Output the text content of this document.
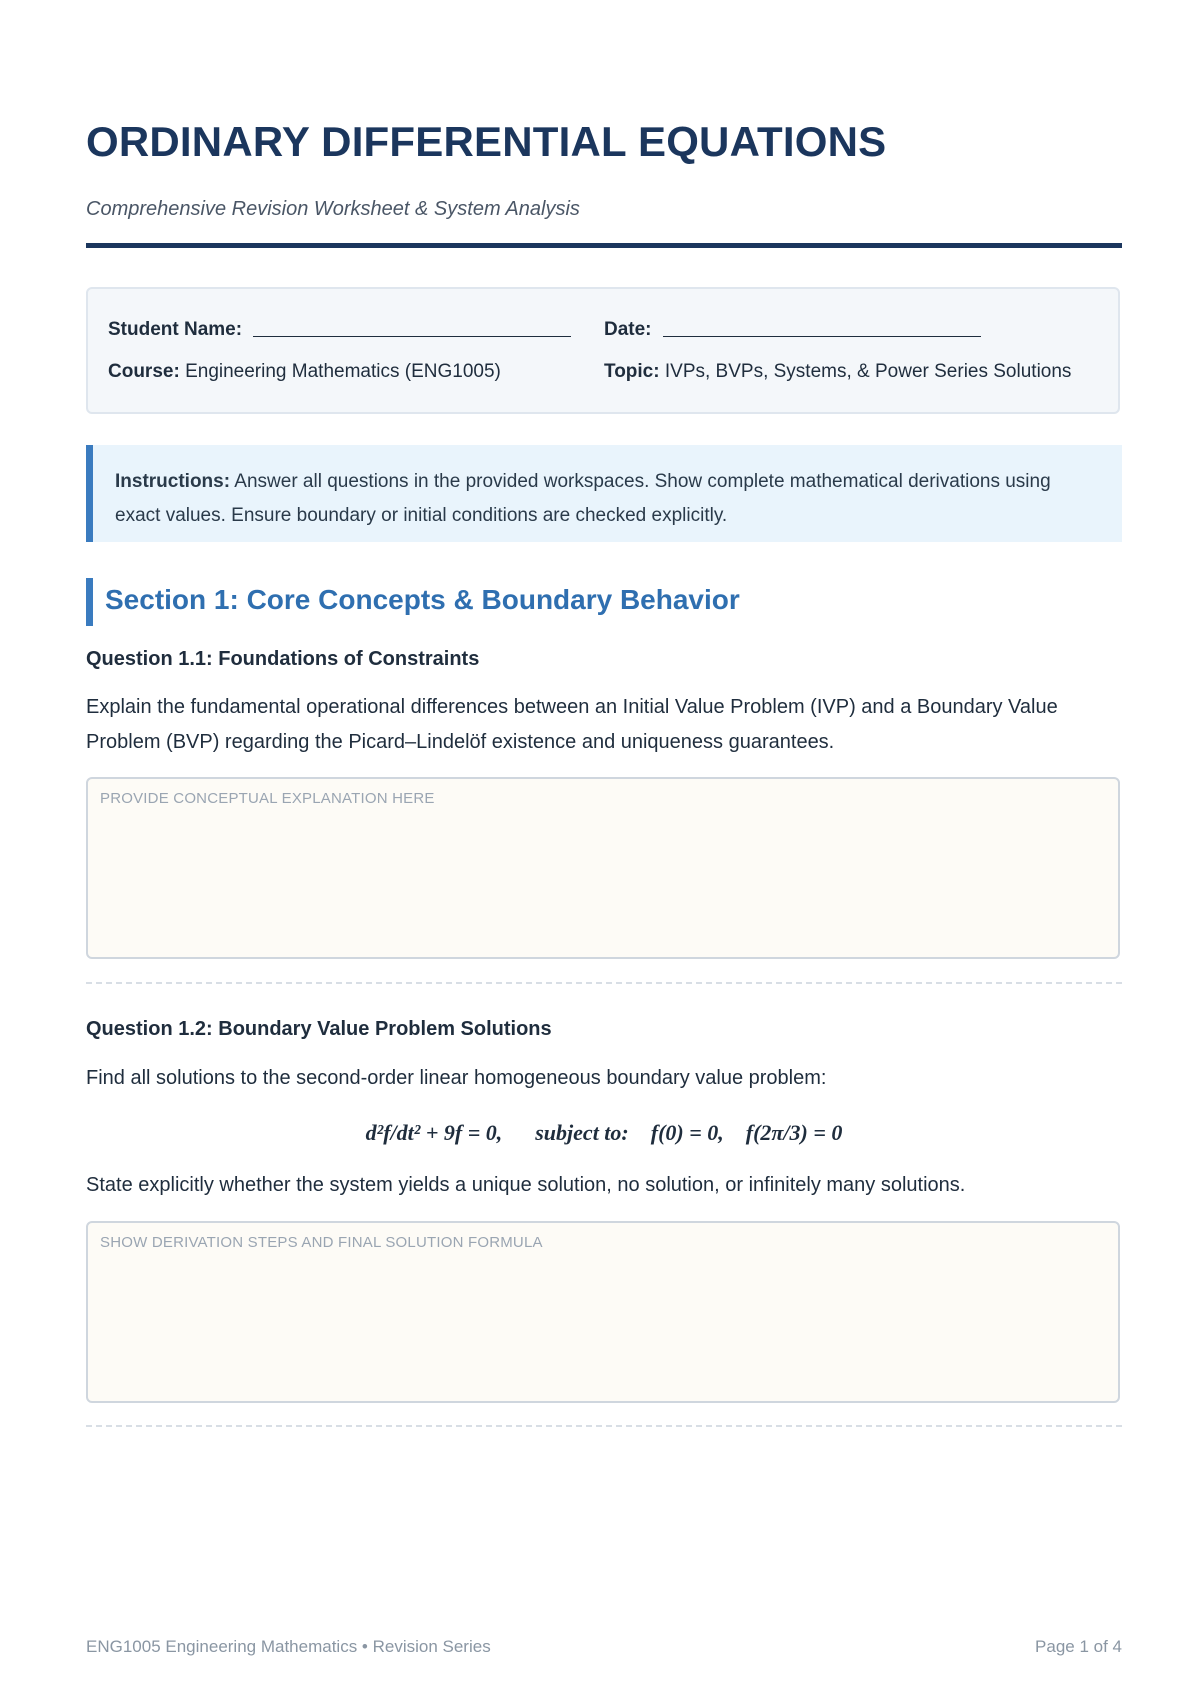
ORDINARY DIFFERENTIAL EQUATIONS
Comprehensive Revision Worksheet & System Analysis
Student Name:	Date:
Course: Engineering Mathematics (ENG1005)	Topic: IVPs, BVPs, Systems, & Power Series Solutions
Instructions: Answer all questions in the provided workspaces. Show complete mathematical derivations using exact values. Ensure boundary or initial conditions are checked explicitly.
Section 1: Core Concepts & Boundary Behavior
Question 1.1: Foundations of Constraints
Explain the fundamental operational differences between an Initial Value Problem (IVP) and a Boundary Value Problem (BVP) regarding the Picard–Lindelöf existence and uniqueness guarantees.
PROVIDE CONCEPTUAL EXPLANATION HERE
Question 1.2: Boundary Value Problem Solutions
Find all solutions to the second-order linear homogeneous boundary value problem:
d²f/dt² + 9f = 0,      subject to:    f(0) = 0,    f(2π/3) = 0
State explicitly whether the system yields a unique solution, no solution, or infinitely many solutions.
SHOW DERIVATION STEPS AND FINAL SOLUTION FORMULA
ENG1005 Engineering Mathematics • Revision Series	Page 1 of 4
